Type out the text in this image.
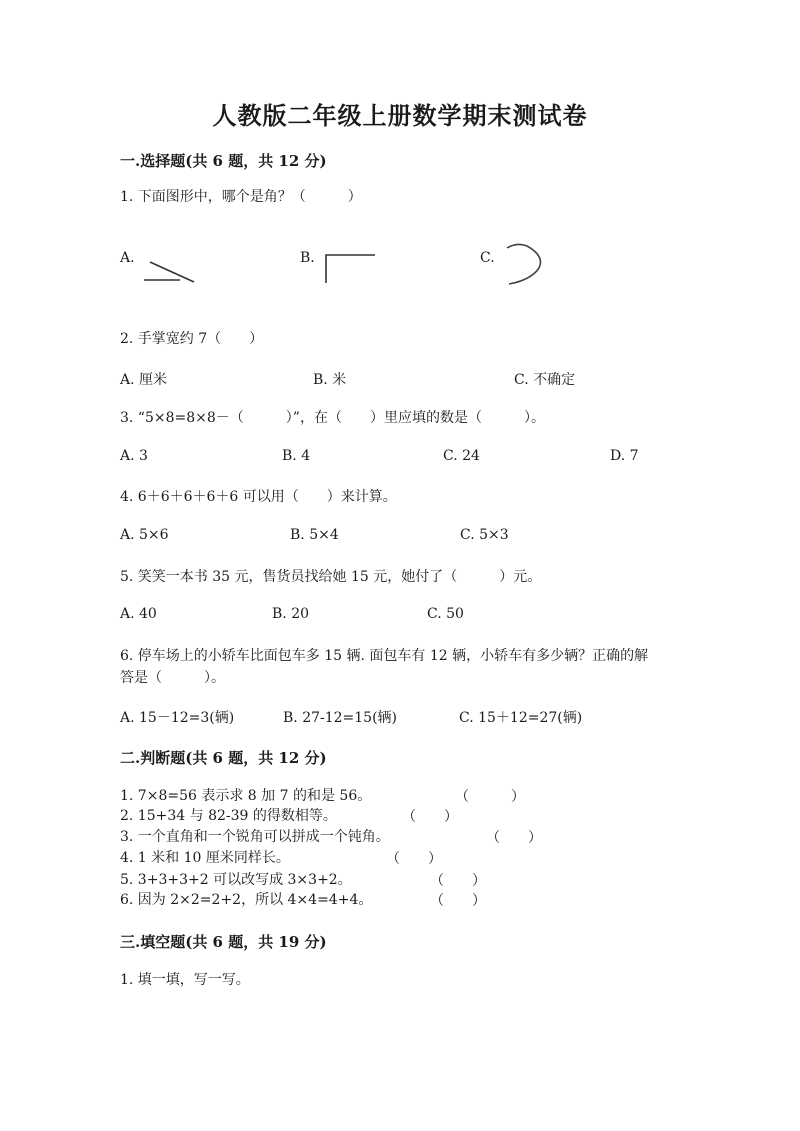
人教版二年级上册数学期末测试卷
一.选择题(共 6 题，共 12 分)
1. 下面图形中，哪个是角？（　　　）
A.	B.	C.
2. 手掌宽约 7（　　）
A. 厘米	B. 米	C. 不确定
3. “5×8=8×8－（　　　）”，在（　　）里应填的数是（　　　）。
A. 3	B. 4	C. 24	D. 7
4. 6＋6＋6＋6＋6 可以用（　　）来计算。
A. 5×6	B. 5×4	C. 5×3
5. 笑笑一本书 35 元，售货员找给她 15 元，她付了（　　　）元。
A. 40	B. 20	C. 50
6. 停车场上的小轿车比面包车多 15 辆. 面包车有 12 辆，小轿车有多少辆？正确的解答是（　　　）。
A. 15－12=3(辆)	B. 27-12=15(辆)	C. 15＋12=27(辆)
二.判断题(共 6 题，共 12 分)
1. 7×8=56 表示求 8 加 7 的和是 56。	（　　　）
2. 15+34 与 82-39 的得数相等。	（　　）
3. 一个直角和一个锐角可以拼成一个钝角。	（　　）
4. 1 米和 10 厘米同样长。	（　　）
5. 3+3+3+2 可以改写成 3×3+2。	（　　）
6. 因为 2×2=2+2，所以 4×4=4+4。	（　　）
三.填空题(共 6 题，共 19 分)
1. 填一填，写一写。
